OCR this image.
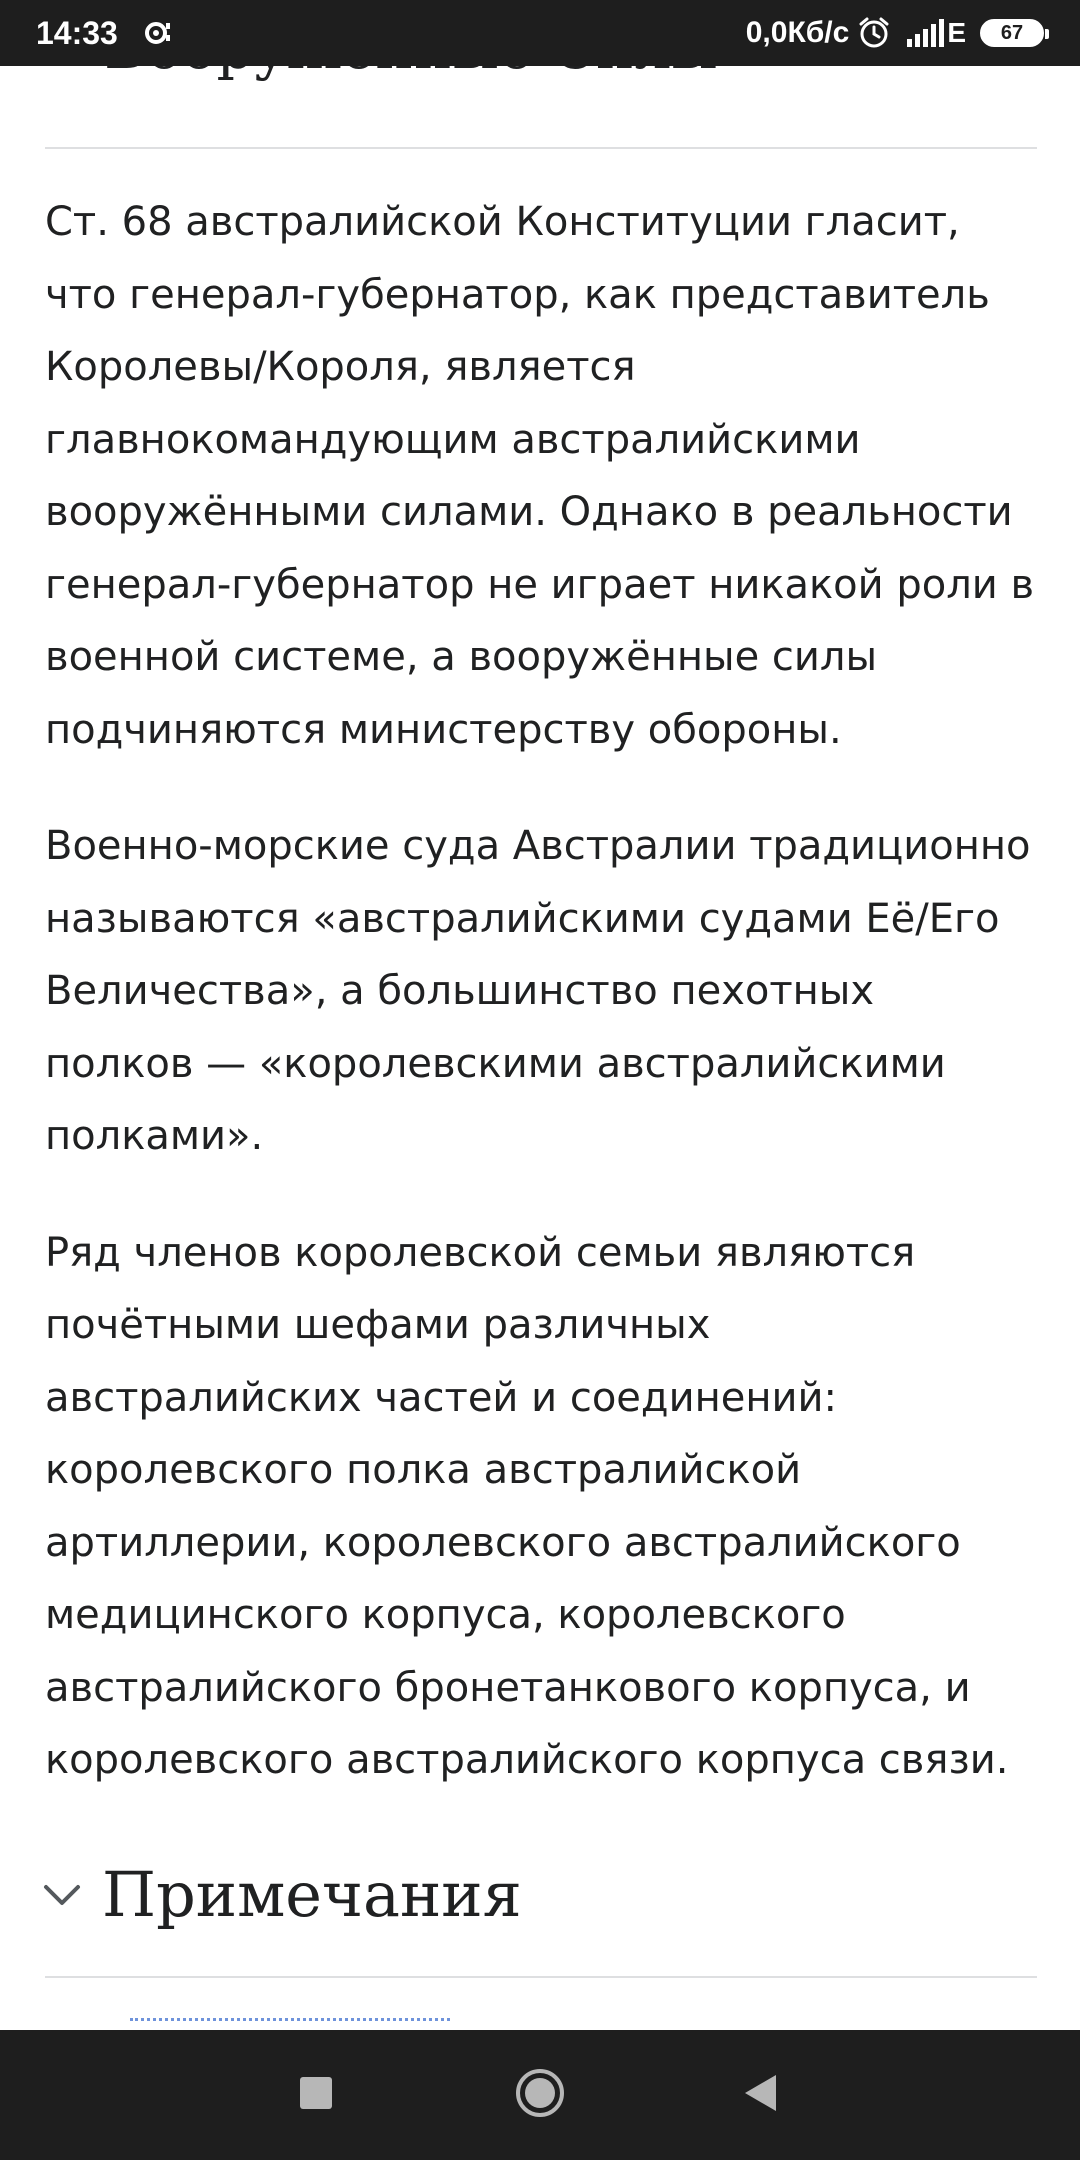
14:33	0,0Кб/с	E 67

Ст. 68 австралийской Конституции гласит, что генерал-губернатор, как представитель Королевы/Короля, является главнокомандующим австралийскими вооружёнными силами. Однако в реальности генерал-губернатор не играет никакой роли в военной системе, а вооружённые силы подчиняются министерству обороны.

Военно-морские суда Австралии традиционно называются «австралийскими судами Её/Его Величества», а большинство пехотных полков — «королевскими австралийскими полками».

Ряд членов королевской семьи являются почётными шефами различных австралийских частей и соединений: королевского полка австралийской артиллерии, королевского австралийского медицинского корпуса, королевского австралийского бронетанкового корпуса, и королевского австралийского корпуса связи.

Примечания
